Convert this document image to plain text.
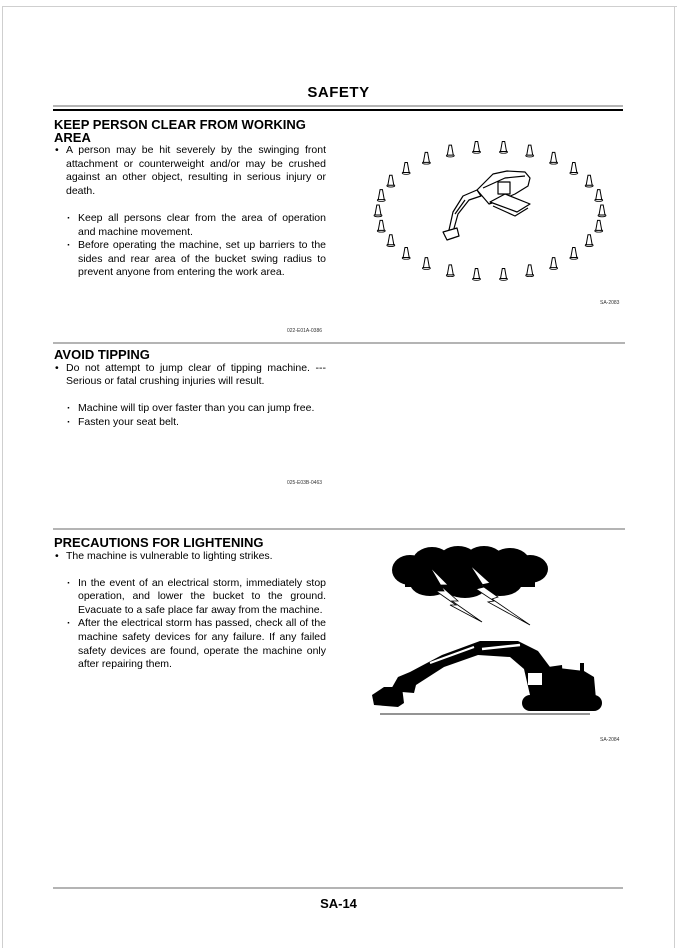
SAFETY
KEEP PERSON CLEAR FROM WORKING AREA
• A person may be hit severely by the swinging front attachment or counterweight and/or may be crushed against an other object, resulting in serious injury or death.
· Keep all persons clear from the area of operation and machine movement.
· Before operating the machine, set up barriers to the sides and rear area of the bucket swing radius to prevent anyone from entering the work area.
022-E01A-0386
SA-2083
AVOID TIPPING
• Do not attempt to jump clear of tipping machine. ---Serious or fatal crushing injuries will result.
· Machine will tip over faster than you can jump free.
· Fasten your seat belt.
025-E03B-0463
PRECAUTIONS FOR LIGHTENING
• The machine is vulnerable to lighting strikes.
· In the event of an electrical storm, immediately stop operation, and lower the bucket to the ground. Evacuate to a safe place far away from the machine.
· After the electrical storm has passed, check all of the machine safety devices for any failure. If any failed safety devices are found, operate the machine only after repairing them.
SA-2084
SA-14
